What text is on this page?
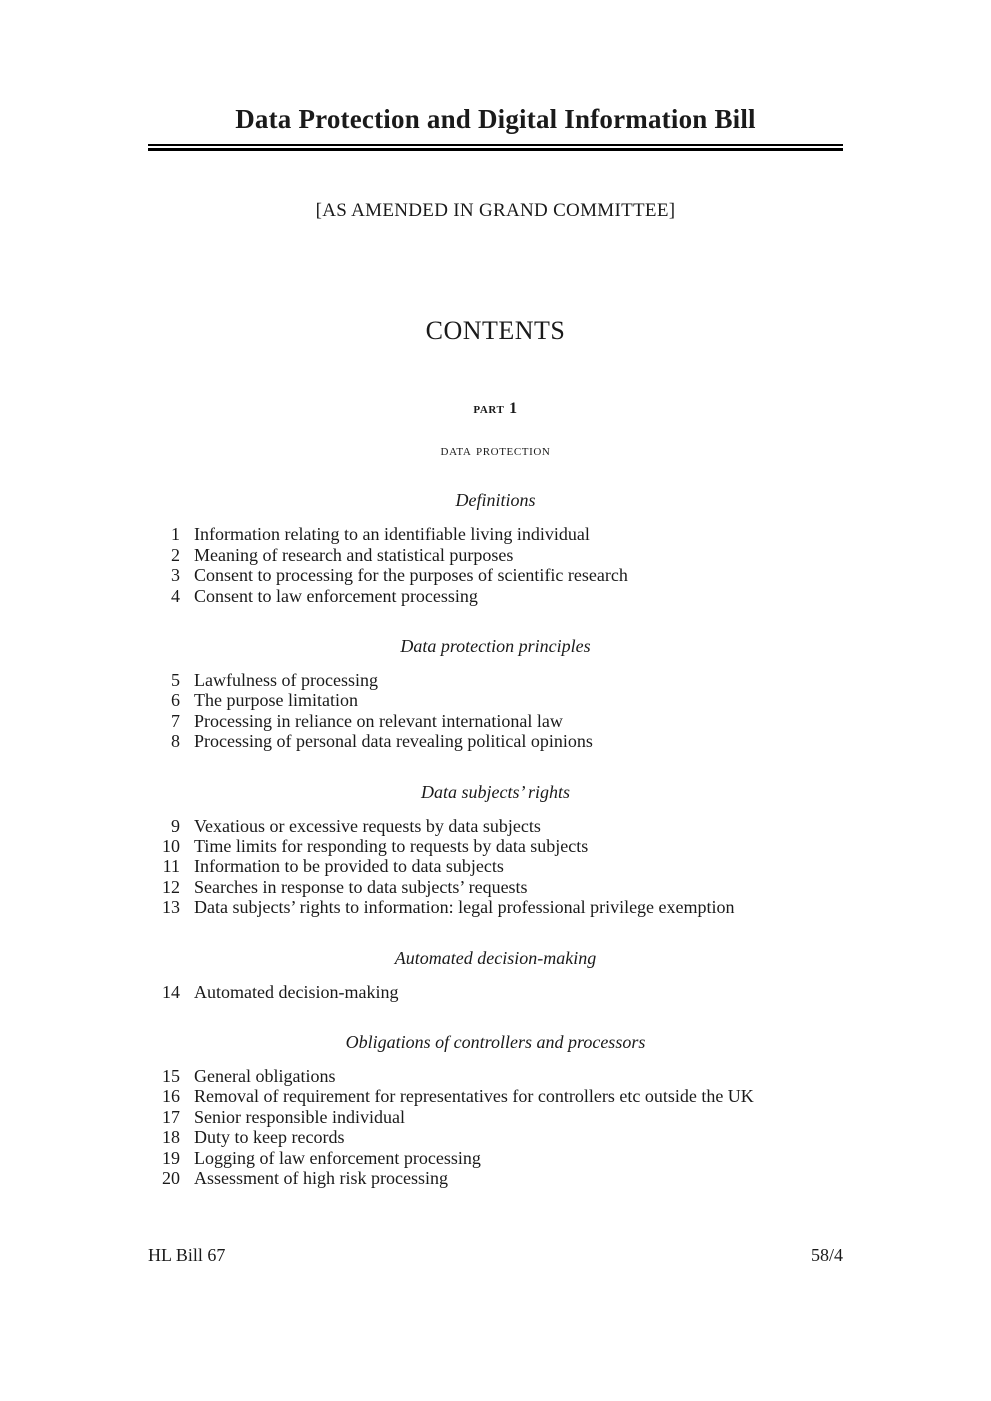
Data Protection and Digital Information Bill
[AS AMENDED IN GRAND COMMITTEE]
CONTENTS
part 1
data protection
Definitions
1 Information relating to an identifiable living individual
2 Meaning of research and statistical purposes
3 Consent to processing for the purposes of scientific research
4 Consent to law enforcement processing
Data protection principles
5 Lawfulness of processing
6 The purpose limitation
7 Processing in reliance on relevant international law
8 Processing of personal data revealing political opinions
Data subjects’ rights
9 Vexatious or excessive requests by data subjects
10 Time limits for responding to requests by data subjects
11 Information to be provided to data subjects
12 Searches in response to data subjects’ requests
13 Data subjects’ rights to information: legal professional privilege exemption
Automated decision-making
14 Automated decision-making
Obligations of controllers and processors
15 General obligations
16 Removal of requirement for representatives for controllers etc outside the UK
17 Senior responsible individual
18 Duty to keep records
19 Logging of law enforcement processing
20 Assessment of high risk processing
HL Bill 67	58/4
